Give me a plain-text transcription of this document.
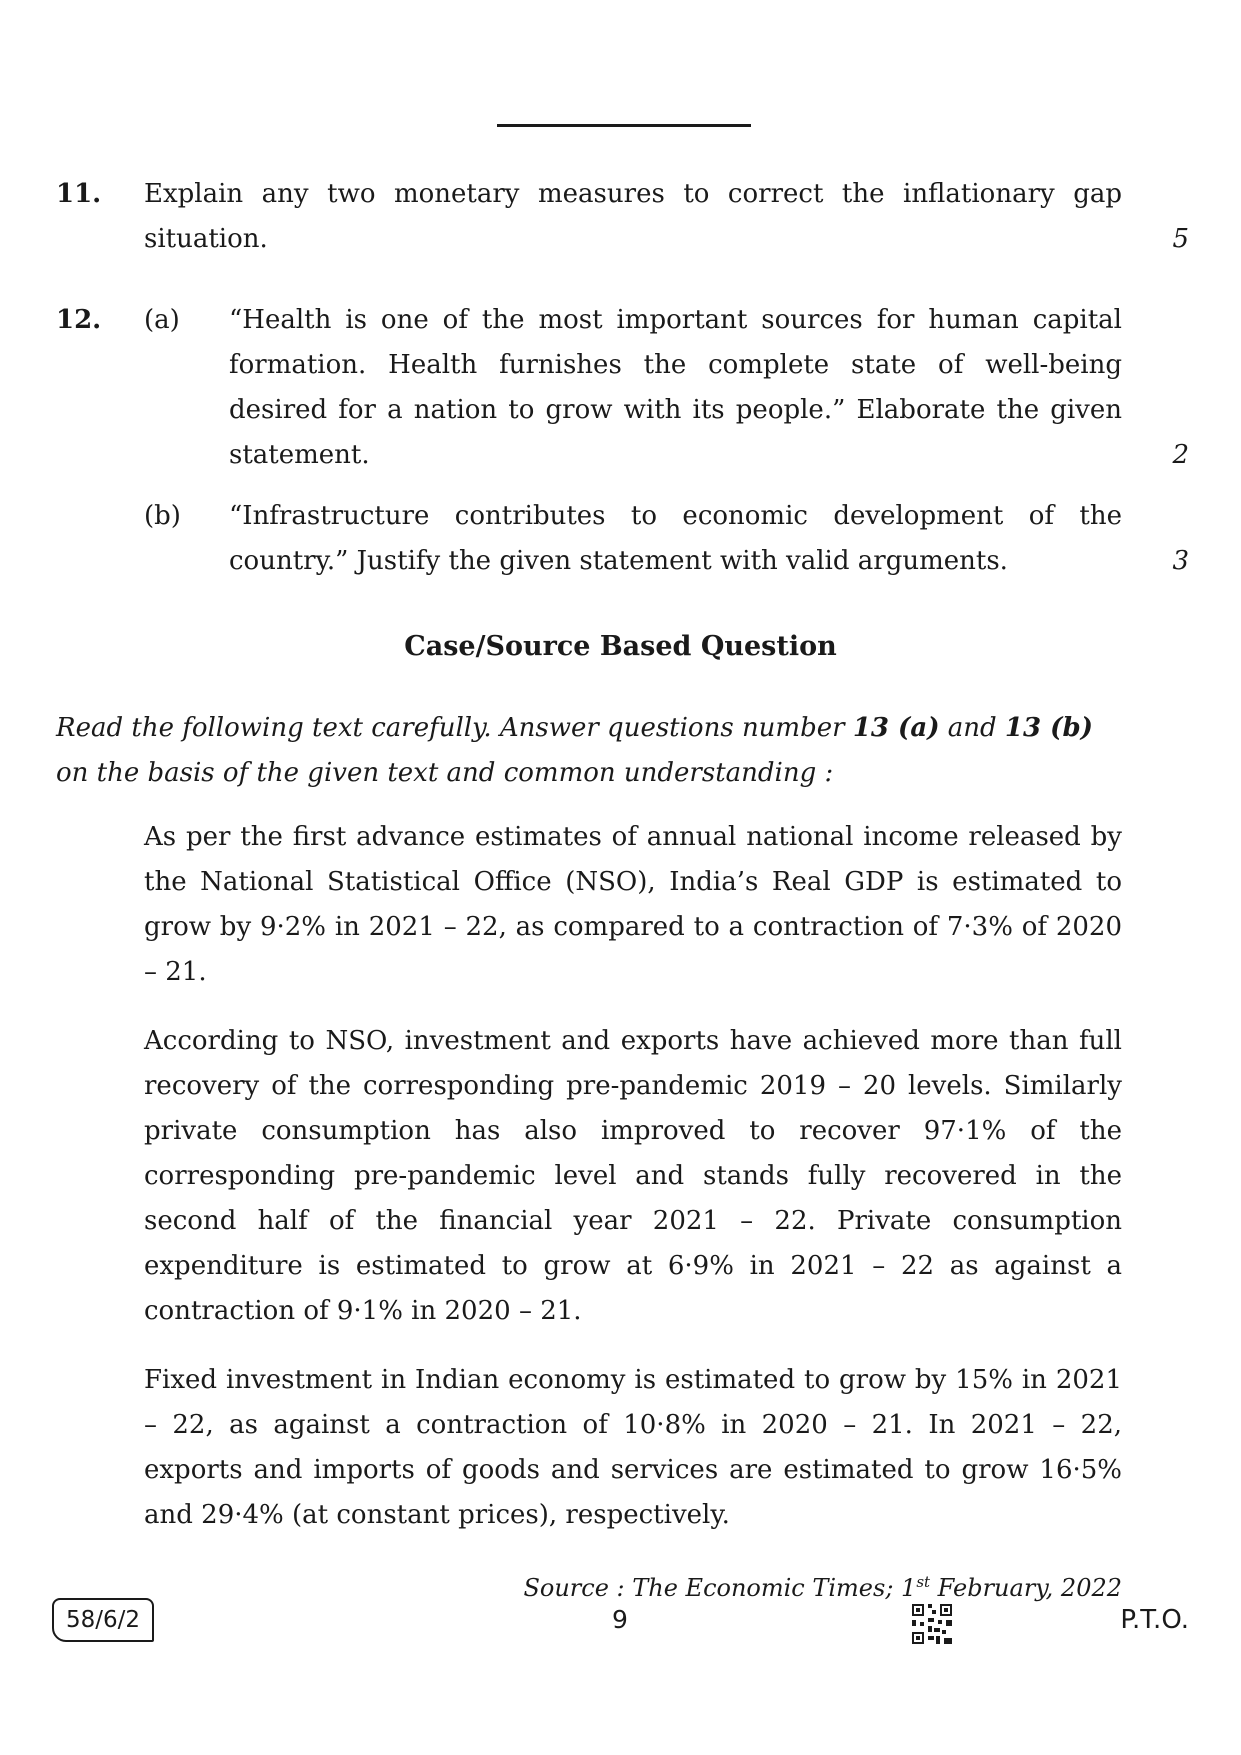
11. Explain any two monetary measures to correct the inflationary gap situation.	5
12. (a) “Health is one of the most important sources for human capital formation. Health furnishes the complete state of well-being desired for a nation to grow with its people.” Elaborate the given statement.	2
(b) “Infrastructure contributes to economic development of the country.” Justify the given statement with valid arguments.	3
Case/Source Based Question
Read the following text carefully. Answer questions number 13 (a) and 13 (b) on the basis of the given text and common understanding :
As per the first advance estimates of annual national income released by the National Statistical Office (NSO), India’s Real GDP is estimated to grow by 9·2% in 2021 – 22, as compared to a contraction of 7·3% of 2020 – 21.
According to NSO, investment and exports have achieved more than full recovery of the corresponding pre-pandemic 2019 – 20 levels. Similarly private consumption has also improved to recover 97·1% of the corresponding pre-pandemic level and stands fully recovered in the second half of the financial year 2021 – 22. Private consumption expenditure is estimated to grow at 6·9% in 2021 – 22 as against a contraction of 9·1% in 2020 – 21.
Fixed investment in Indian economy is estimated to grow by 15% in 2021 – 22, as against a contraction of 10·8% in 2020 – 21. In 2021 – 22, exports and imports of goods and services are estimated to grow 16·5% and 29·4% (at constant prices), respectively.
Source : The Economic Times; 1st February, 2022
58/6/2	9	P.T.O.
